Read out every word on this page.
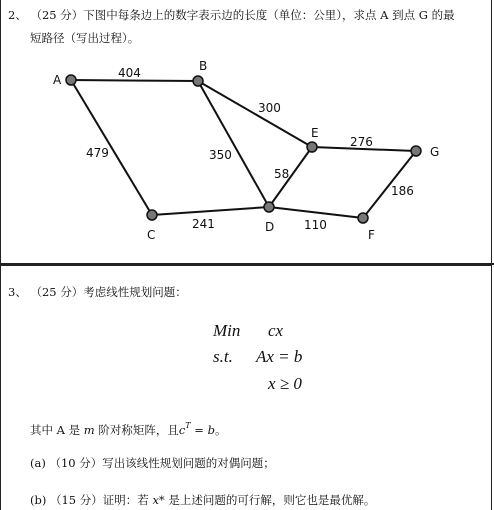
2、 （25 分）下图中每条边上的数字表示边的长度（单位：公里），求点 A 到点 G 的最
短路径（写出过程）。
A
B
C
D
E
F
G
404
479
300
350
241
58
110
276
186
3、 （25 分）考虑线性规划问题：
Min cx
s.t. Ax = b
x ≥ 0
其中 A 是 m 阶对称矩阵，且$c^T = b$。
(a) （10 分）写出该线性规划问题的对偶问题；
(b) （15 分）证明：若 x* 是上述问题的可行解，则它也是最优解。
